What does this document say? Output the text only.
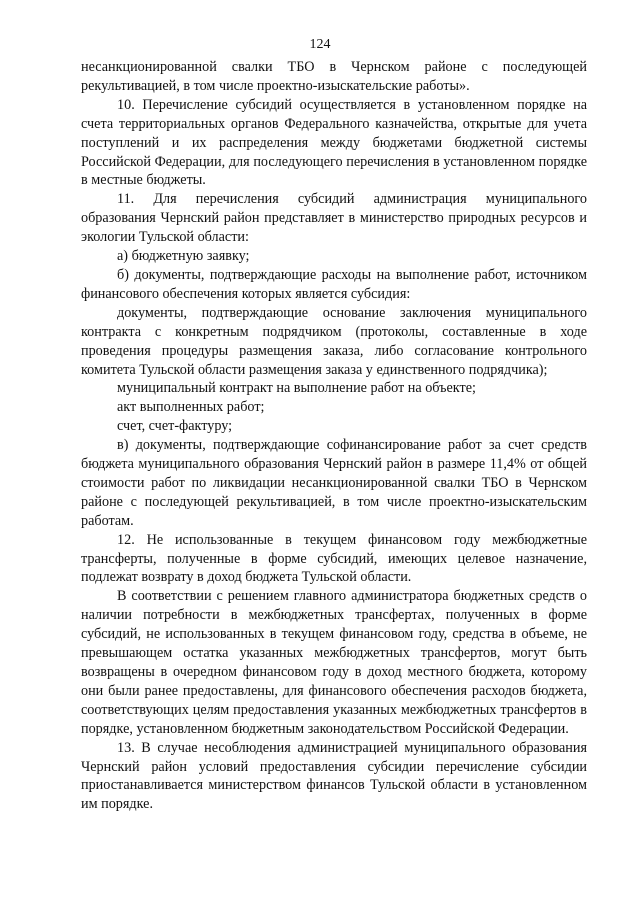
124

несанкционированной свалки ТБО в Чернском районе с последующей рекультивацией, в том числе проектно-изыскательские работы».

10. Перечисление субсидий осуществляется в установленном порядке на счета территориальных органов Федерального казначейства, открытые для учета поступлений и их распределения между бюджетами бюджетной системы Российской Федерации, для последующего перечисления в установленном порядке в местные бюджеты.

11. Для перечисления субсидий администрация муниципального образования Чернский район представляет в министерство природных ресурсов и экологии Тульской области:

а) бюджетную заявку;

б) документы, подтверждающие расходы на выполнение работ, источником финансового обеспечения которых является субсидия:

документы, подтверждающие основание заключения муниципального контракта с конкретным подрядчиком (протоколы, составленные в ходе проведения процедуры размещения заказа, либо согласование контрольного комитета Тульской области размещения заказа у единственного подрядчика);

муниципальный контракт на выполнение работ на объекте;

акт выполненных работ;

счет, счет-фактуру;

в) документы, подтверждающие софинансирование работ за счет средств бюджета муниципального образования Чернский район в размере 11,4% от общей стоимости работ по ликвидации несанкционированной свалки ТБО в Чернском районе с последующей рекультивацией, в том числе проектно-изыскательским работам.

12. Не использованные в текущем финансовом году межбюджетные трансферты, полученные в форме субсидий, имеющих целевое назначение, подлежат возврату в доход бюджета Тульской области.

В соответствии с решением главного администратора бюджетных средств о наличии потребности в межбюджетных трансфертах, полученных в форме субсидий, не использованных в текущем финансовом году, средства в объеме, не превышающем остатка указанных межбюджетных трансфертов, могут быть возвращены в очередном финансовом году в доход местного бюджета, которому они были ранее предоставлены, для финансового обеспечения расходов бюджета, соответствующих целям предоставления указанных межбюджетных трансфертов в порядке, установленном бюджетным законодательством Российской Федерации.

13. В случае несоблюдения администрацией муниципального образования Чернский район условий предоставления субсидии перечисление субсидии приостанавливается министерством финансов Тульской области в установленном им порядке.
